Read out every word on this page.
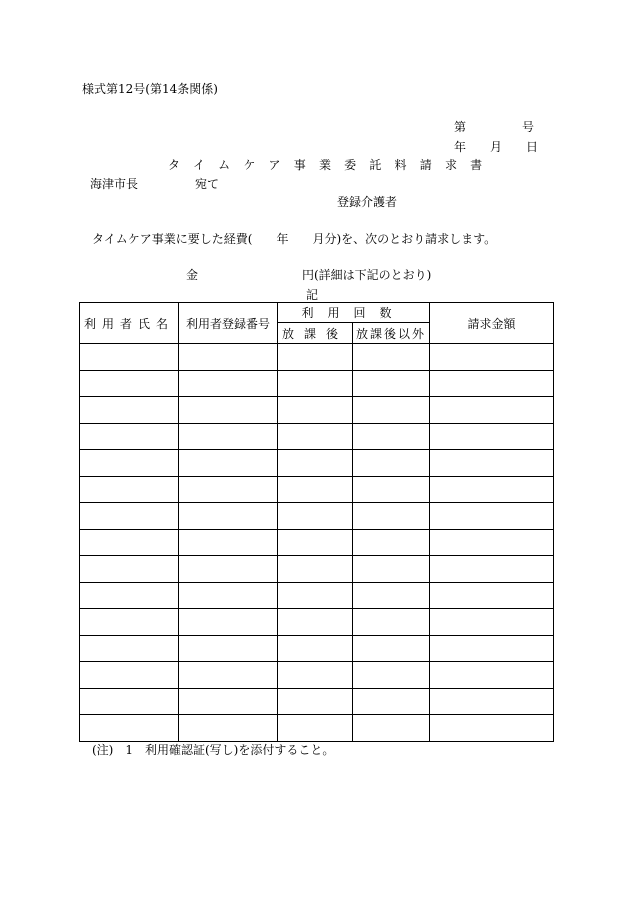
様式第12号(第14条関係)
第	号
年 月 日
タイムケア事業委託料請求書
海津市長	宛て
登録介護者
タイムケア事業に要した経費(　　年　　月分)を、次のとおり請求します。
金	円(詳細は下記のとおり)
記
利用者氏名	利用者登録番号	利用回数		請求金額
		放課後	放課後以外	

(注)　1　利用確認証(写し)を添付すること。
